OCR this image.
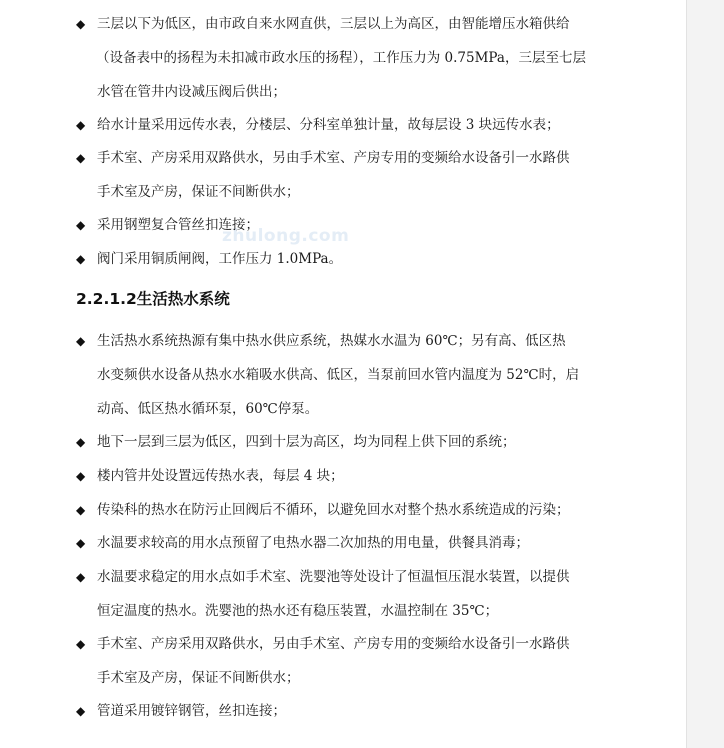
zhulong.com
◆ 三层以下为低区，由市政自来水网直供，三层以上为高区，由智能增压水箱供给
（设备表中的扬程为未扣减市政水压的扬程），工作压力为 0.75MPa，三层至七层
水管在管井内设减压阀后供出；
◆ 给水计量采用远传水表，分楼层、分科室单独计量，故每层设 3 块远传水表；
◆ 手术室、产房采用双路供水，另由手术室、产房专用的变频给水设备引一水路供
手术室及产房，保证不间断供水；
◆ 采用钢塑复合管丝扣连接；
◆ 阀门采用铜质闸阀，工作压力 1.0MPa。
2.2.1.2生活热水系统
◆ 生活热水系统热源有集中热水供应系统，热媒水水温为 60℃；另有高、低区热
水变频供水设备从热水水箱吸水供高、低区，当泵前回水管内温度为 52℃时，启
动高、低区热水循环泵，60℃停泵。
◆ 地下一层到三层为低区，四到十层为高区，均为同程上供下回的系统；
◆ 楼内管井处设置远传热水表，每层 4 块；
◆ 传染科的热水在防污止回阀后不循环，以避免回水对整个热水系统造成的污染；
◆ 水温要求较高的用水点预留了电热水器二次加热的用电量，供餐具消毒；
◆ 水温要求稳定的用水点如手术室、洗婴池等处设计了恒温恒压混水装置，以提供
恒定温度的热水。洗婴池的热水还有稳压装置，水温控制在 35℃；
◆ 手术室、产房采用双路供水，另由手术室、产房专用的变频给水设备引一水路供
手术室及产房，保证不间断供水；
◆ 管道采用镀锌钢管，丝扣连接；
